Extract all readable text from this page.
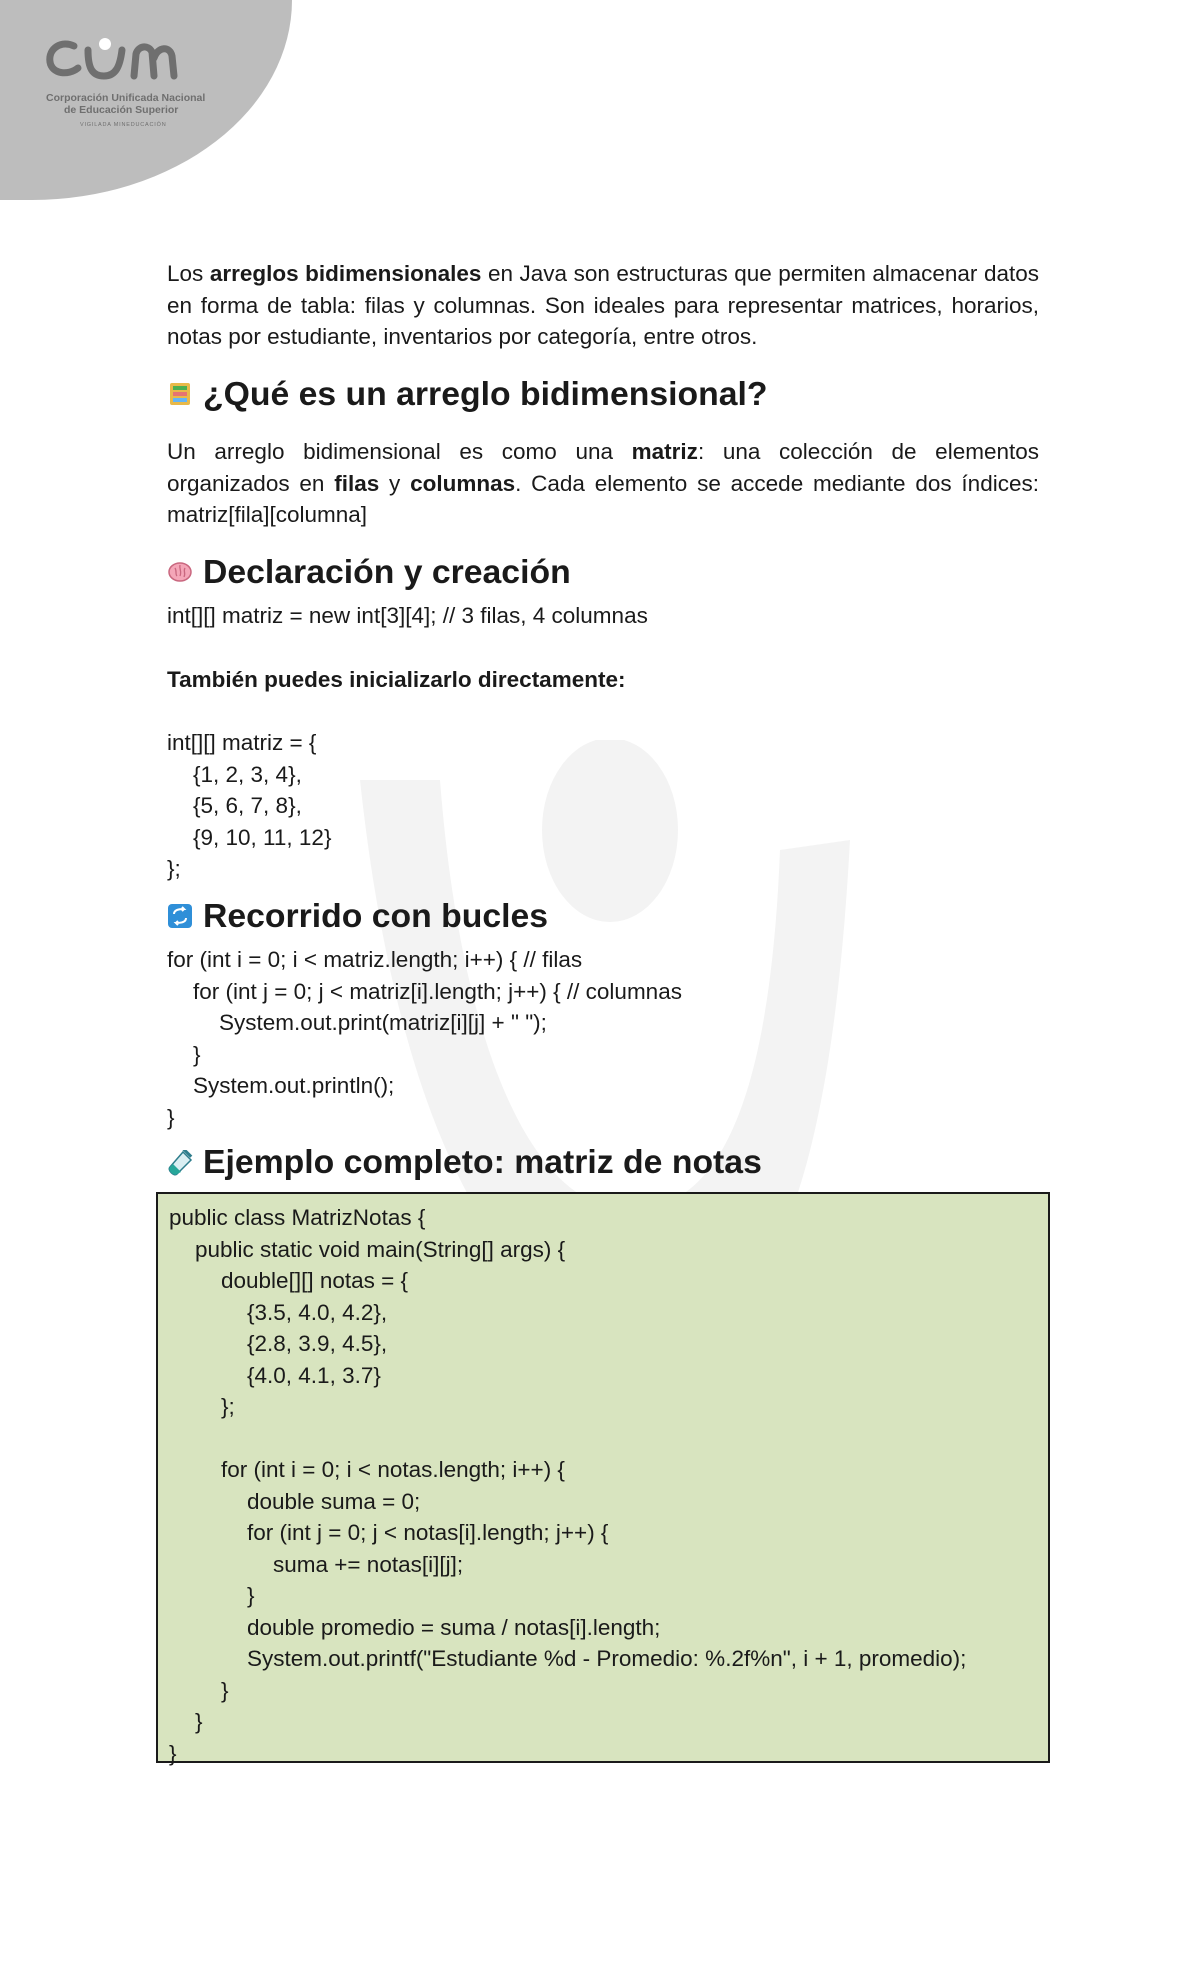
Corporación Unificada Nacional
de Educación Superior
VIGILADA MINEDUCACIÓN

Los arreglos bidimensionales en Java son estructuras que permiten almacenar datos en forma de tabla: filas y columnas. Son ideales para representar matrices, horarios, notas por estudiante, inventarios por categoría, entre otros.

¿Qué es un arreglo bidimensional?

Un arreglo bidimensional es como una matriz: una colección de elementos organizados en filas y columnas. Cada elemento se accede mediante dos índices: matriz[fila][columna]

Declaración y creación

int[][] matriz = new int[3][4]; // 3 filas, 4 columnas

También puedes inicializarlo directamente:

int[][] matriz = {
{1, 2, 3, 4},
{5, 6, 7, 8},
{9, 10, 11, 12}
};
Recorrido con bucles
for (int i = 0; i < matriz.length; i++) { // filas
for (int j = 0; j < matriz[i].length; j++) { // columnas
System.out.print(matriz[i][j] + " ");
}
System.out.println();
}
Ejemplo completo: matriz de notas
public class MatrizNotas {
public static void main(String[] args) {
double[][] notas = {
{3.5, 4.0, 4.2},
{2.8, 3.9, 4.5},
{4.0, 4.1, 3.7}
};

for (int i = 0; i < notas.length; i++) {
double suma = 0;
for (int j = 0; j < notas[i].length; j++) {
suma += notas[i][j];
}
double promedio = suma / notas[i].length;
System.out.printf("Estudiante %d - Promedio: %.2f%n", i + 1, promedio);
}
}
}
